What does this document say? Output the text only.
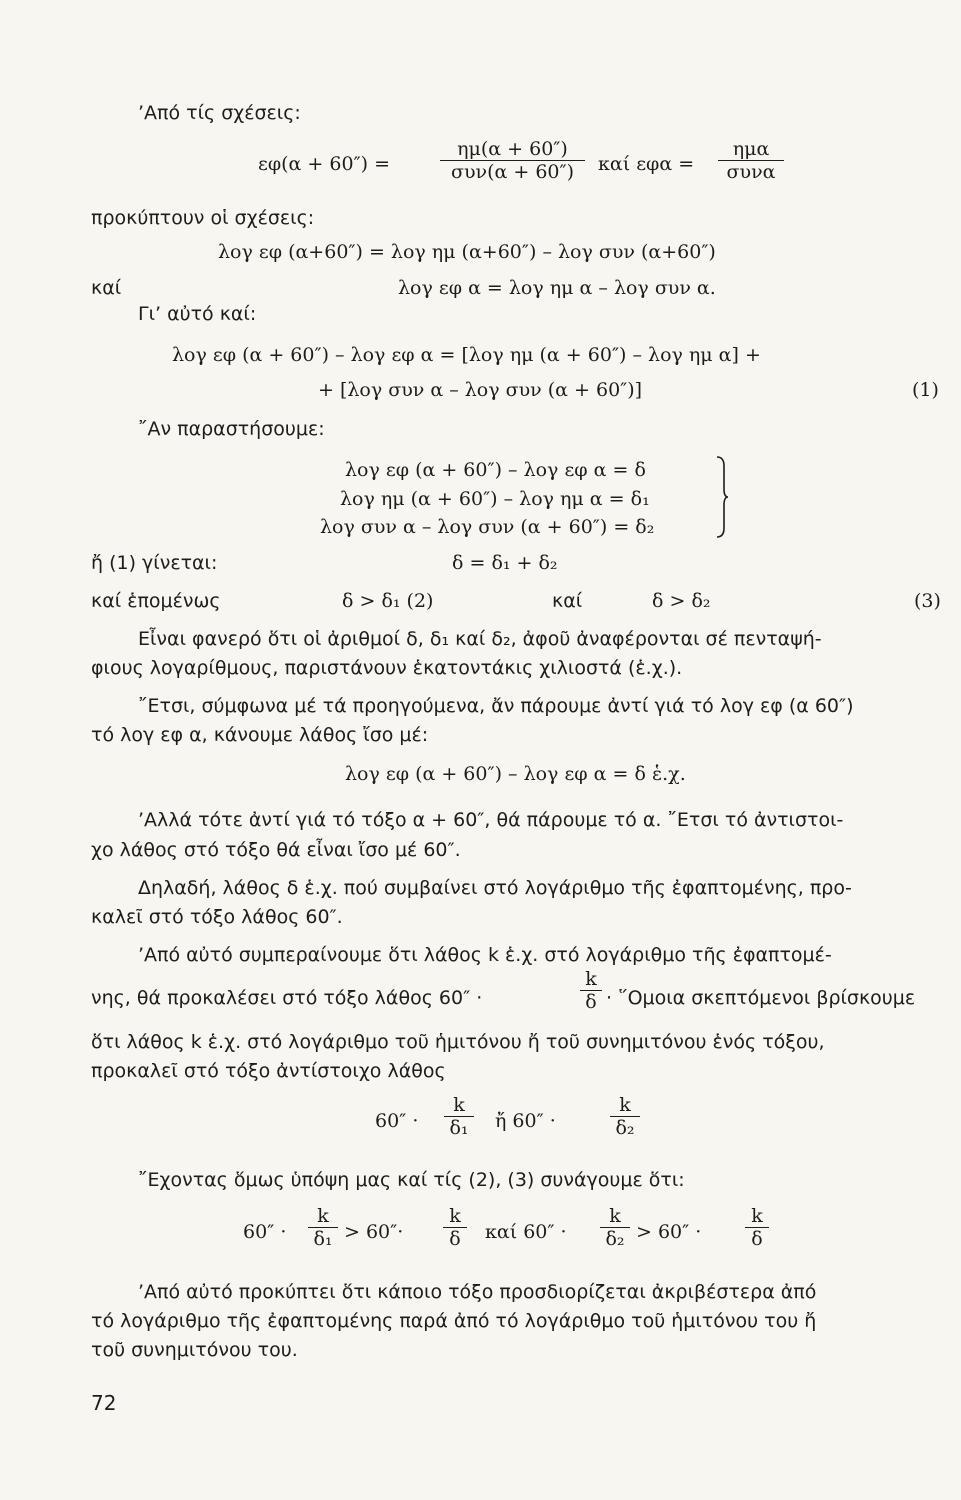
’Από τίς σχέσεις:
εφ(α + 60″) =
ημ(α + 60″)
συν(α + 60″)	καί εφα =
ημα
συνα
προκύπτουν οἱ σχέσεις:
λογ εφ (α+60″) = λογ ημ (α+60″) – λογ συν (α+60″)
καί	λογ εφ α = λογ ημ α – λογ συν α.
Γι’ αὐτό καί:
λογ εφ (α + 60″) – λογ εφ α = [λογ ημ (α + 60″) – λογ ημ α] +
+ [λογ συν α – λογ συν (α + 60″)]	(1)
῎Αν παραστήσουμε:
λογ εφ (α + 60″) – λογ εφ α = δ
λογ ημ (α + 60″) – λογ ημ α = δ₁
λογ συν α – λογ συν (α + 60″) = δ₂
ἤ (1) γίνεται:	δ = δ₁ + δ₂
καί ἑπομένως	δ > δ₁ (2)	καί	δ > δ₂	(3)
Εἶναι φανερό ὅτι οἱ ἀριθμοί δ, δ₁ καί δ₂, ἀφοῦ ἀναφέρονται σέ πενταψή-
φιους λογαρίθμους, παριστάνουν ἑκατοντάκις χιλιοστά (ἑ.χ.).
῎Ετσι, σύμφωνα μέ τά προηγούμενα, ἄν πάρουμε ἀντί γιά τό λογ εφ (α 60″)
τό λογ εφ α, κάνουμε λάθος ἴσο μέ:
λογ εφ (α + 60″) – λογ εφ α = δ ἑ.χ.
’Αλλά τότε ἀντί γιά τό τόξο α + 60″, θά πάρουμε τό α. ῎Ετσι τό ἀντιστοι-
χο λάθος στό τόξο θά εἶναι ἴσο μέ 60″.
Δηλαδή, λάθος δ ἑ.χ. πού συμβαίνει στό λογάριθμο τῆς ἐφαπτομένης, προ-
καλεῖ στό τόξο λάθος 60″.
’Από αὐτό συμπεραίνουμε ὅτι λάθος k ἑ.χ. στό λογάριθμο τῆς ἐφαπτομέ-
νης, θά προκαλέσει στό τόξο λάθος 60″ ·	$\frac{k}{\delta}$ · ῞Ομοια σκεπτόμενοι βρίσκουμε
ὅτι λάθος k ἑ.χ. στό λογάριθμο τοῦ ἡμιτόνου ἤ τοῦ συνημιτόνου ἑνός τόξου,
προκαλεῖ στό τόξο ἀντίστοιχο λάθος
$60'' \cdot \frac{k}{\text{δ₁}}$ ἤ 60″ ·	$\frac{k}{\text{δ₂}}$
῎Εχοντας ὅμως ὑπόψη μας καί τίς (2), (3) συνάγουμε ὅτι:
$60'' \cdot \frac{k}{\text{δ₁}} > 60''\cdot \frac{k}{\delta}$ καί $60'' \cdot \frac{k}{\text{δ₂}} > 60'' \cdot \frac{k}{\delta}$
’Από αὐτό προκύπτει ὅτι κάποιο τόξο προσδιορίζεται ἀκριβέστερα ἀπό
τό λογάριθμο τῆς ἐφαπτομένης παρά ἀπό τό λογάριθμο τοῦ ἡμιτόνου του ἤ
τοῦ συνημιτόνου του.
72
